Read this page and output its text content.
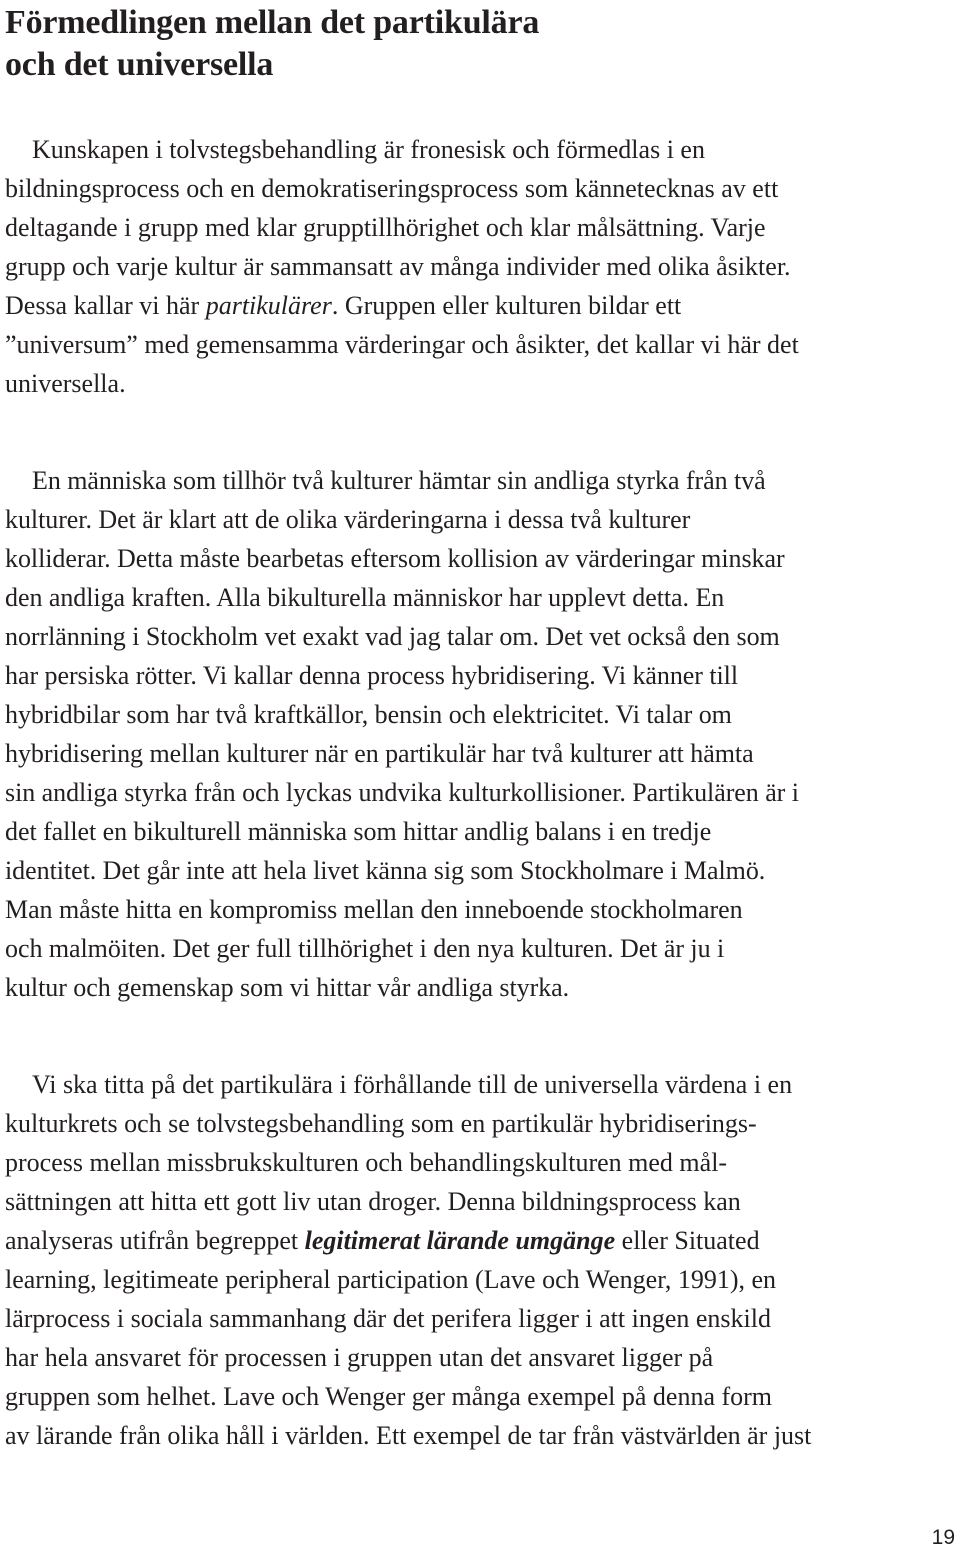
Förmedlingen mellan det partikulära
och det universella

Kunskapen i tolvstegsbehandling är fronesisk och förmedlas i en
bildningsprocess och en demokratiseringsprocess som kännetecknas av ett
deltagande i grupp med klar grupptillhörighet och klar målsättning. Varje
grupp och varje kultur är sammansatt av många individer med olika åsikter.
Dessa kallar vi här partikulärer. Gruppen eller kulturen bildar ett
”universum” med gemensamma värderingar och åsikter, det kallar vi här det
universella.

En människa som tillhör två kulturer hämtar sin andliga styrka från två
kulturer. Det är klart att de olika värderingarna i dessa två kulturer
kolliderar. Detta måste bearbetas eftersom kollision av värderingar minskar
den andliga kraften. Alla bikulturella människor har upplevt detta. En
norrlänning i Stockholm vet exakt vad jag talar om. Det vet också den som
har persiska rötter. Vi kallar denna process hybridisering. Vi känner till
hybridbilar som har två kraftkällor, bensin och elektricitet. Vi talar om
hybridisering mellan kulturer när en partikulär har två kulturer att hämta
sin andliga styrka från och lyckas undvika kulturkollisioner. Partikulären är i
det fallet en bikulturell människa som hittar andlig balans i en tredje
identitet. Det går inte att hela livet känna sig som Stockholmare i Malmö.
Man måste hitta en kompromiss mellan den inneboende stockholmaren
och malmöiten. Det ger full tillhörighet i den nya kulturen. Det är ju i
kultur och gemenskap som vi hittar vår andliga styrka.

Vi ska titta på det partikulära i förhållande till de universella värdena i en
kulturkrets och se tolvstegsbehandling som en partikulär hybridiserings-
process mellan missbrukskulturen och behandlingskulturen med mål-
sättningen att hitta ett gott liv utan droger. Denna bildningsprocess kan
analyseras utifrån begreppet legitimerat lärande umgänge eller Situated
learning, legitimeate peripheral participation (Lave och Wenger, 1991), en
lärprocess i sociala sammanhang där det perifera ligger i att ingen enskild
har hela ansvaret för processen i gruppen utan det ansvaret ligger på
gruppen som helhet. Lave och Wenger ger många exempel på denna form
av lärande från olika håll i världen. Ett exempel de tar från västvärlden är just

19
